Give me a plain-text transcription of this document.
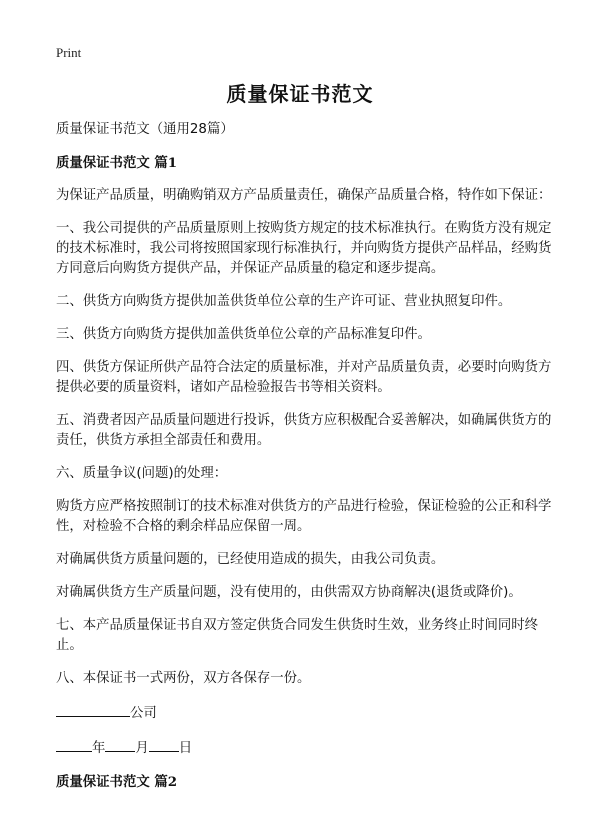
Print
质量保证书范文

质量保证书范文（通用28篇）

质量保证书范文 篇1

为保证产品质量，明确购销双方产品质量责任，确保产品质量合格，特作如下保证：

一、我公司提供的产品质量原则上按购货方规定的技术标准执行。在购货方没有规定的技术标准时，我公司将按照国家现行标准执行，并向购货方提供产品样品，经购货方同意后向购货方提供产品，并保证产品质量的稳定和逐步提高。

二、供货方向购货方提供加盖供货单位公章的生产许可证、营业执照复印件。

三、供货方向购货方提供加盖供货单位公章的产品标准复印件。

四、供货方保证所供产品符合法定的质量标准，并对产品质量负责，必要时向购货方提供必要的质量资料，诸如产品检验报告书等相关资料。

五、消费者因产品质量问题进行投诉，供货方应积极配合妥善解决，如确属供货方的责任，供货方承担全部责任和费用。

六、质量争议(问题)的处理：

购货方应严格按照制订的技术标准对供货方的产品进行检验，保证检验的公正和科学性，对检验不合格的剩余样品应保留一周。

对确属供货方质量问题的，已经使用造成的损失，由我公司负责。

对确属供货方生产质量问题，没有使用的，由供需双方协商解决(退货或降价)。

七、本产品质量保证书自双方签定供货合同发生供货时生效，业务终止时间同时终止。

八、本保证书一式两份，双方各保存一份。

公司

年 月 日

质量保证书范文 篇2
